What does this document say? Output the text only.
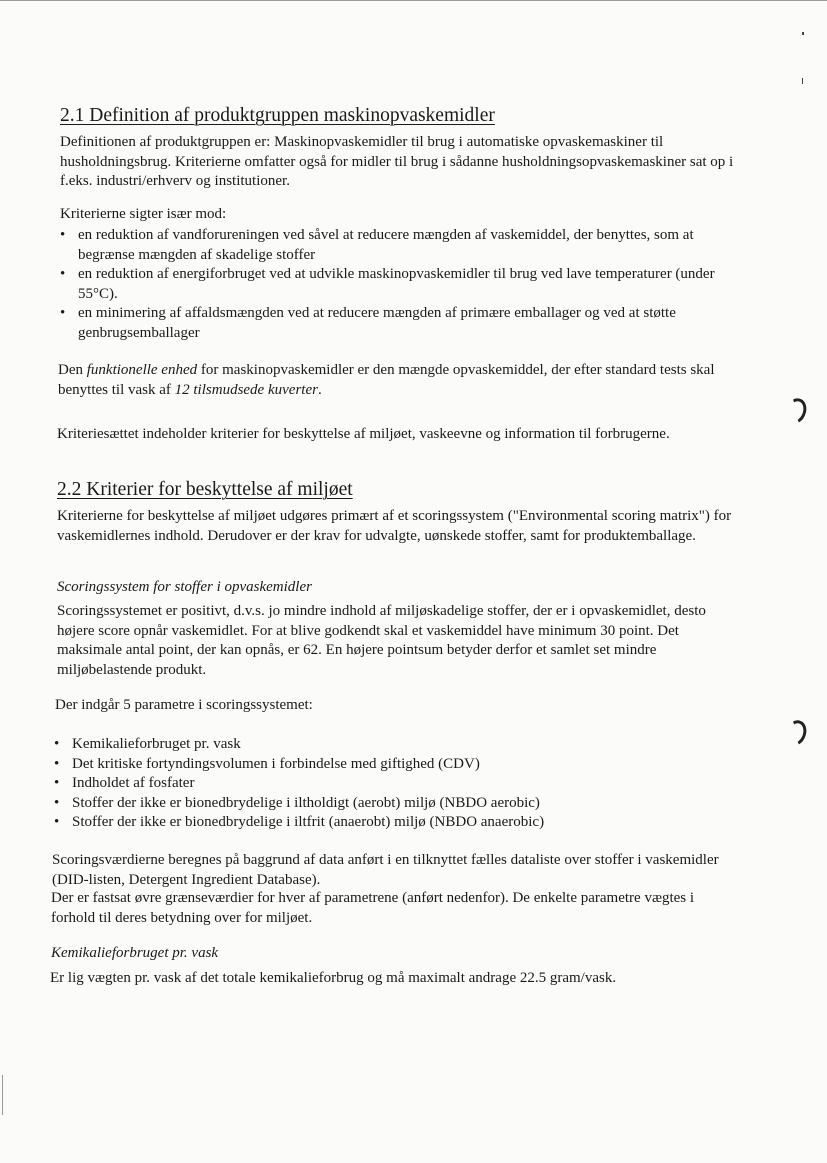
2.1 Definition af produktgruppen maskinopvaskemidler

Definitionen af produktgruppen er: Maskinopvaskemidler til brug i automatiske opvaskemaskiner til husholdningsbrug. Kriterierne omfatter også for midler til brug i sådanne husholdningsopvaskemaskiner sat op i f.eks. industri/erhverv og institutioner.

Kriterierne sigter især mod:

• en reduktion af vandforureningen ved såvel at reducere mængden af vaskemiddel, der benyttes, som at begrænse mængden af skadelige stoffer
• en reduktion af energiforbruget ved at udvikle maskinopvaskemidler til brug ved lave temperaturer (under 55°C).
• en minimering af affaldsmængden ved at reducere mængden af primære emballager og ved at støtte genbrugsemballager

Den funktionelle enhed for maskinopvaskemidler er den mængde opvaskemiddel, der efter standard tests skal benyttes til vask af 12 tilsmudsede kuverter.

Kriteriesættet indeholder kriterier for beskyttelse af miljøet, vaskeevne og information til forbrugerne.

2.2 Kriterier for beskyttelse af miljøet

Kriterierne for beskyttelse af miljøet udgøres primært af et scoringssystem ("Environmental scoring matrix") for vaskemidlernes indhold. Derudover er der krav for udvalgte, uønskede stoffer, samt for produktemballage.

Scoringssystem for stoffer i opvaskemidler

Scoringssystemet er positivt, d.v.s. jo mindre indhold af miljøskadelige stoffer, der er i opvaskemidlet, desto højere score opnår vaskemidlet. For at blive godkendt skal et vaskemiddel have minimum 30 point. Det maksimale antal point, der kan opnås, er 62. En højere pointsum betyder derfor et samlet set mindre miljøbelastende produkt.

Der indgår 5 parametre i scoringssystemet:

• Kemikalieforbruget pr. vask
• Det kritiske fortyndingsvolumen i forbindelse med giftighed (CDV)
• Indholdet af fosfater
• Stoffer der ikke er bionedbrydelige i iltholdigt (aerobt) miljø (NBDO aerobic)
• Stoffer der ikke er bionedbrydelige i iltfrit (anaerobt) miljø (NBDO anaerobic)

Scoringsværdierne beregnes på baggrund af data anført i en tilknyttet fælles dataliste over stoffer i vaskemidler (DID-listen, Detergent Ingredient Database).

Der er fastsat øvre grænseværdier for hver af parametrene (anført nedenfor). De enkelte parametre vægtes i forhold til deres betydning over for miljøet.

Kemikalieforbruget pr. vask

Er lig vægten pr. vask af det totale kemikalieforbrug og må maximalt andrage 22.5 gram/vask.
